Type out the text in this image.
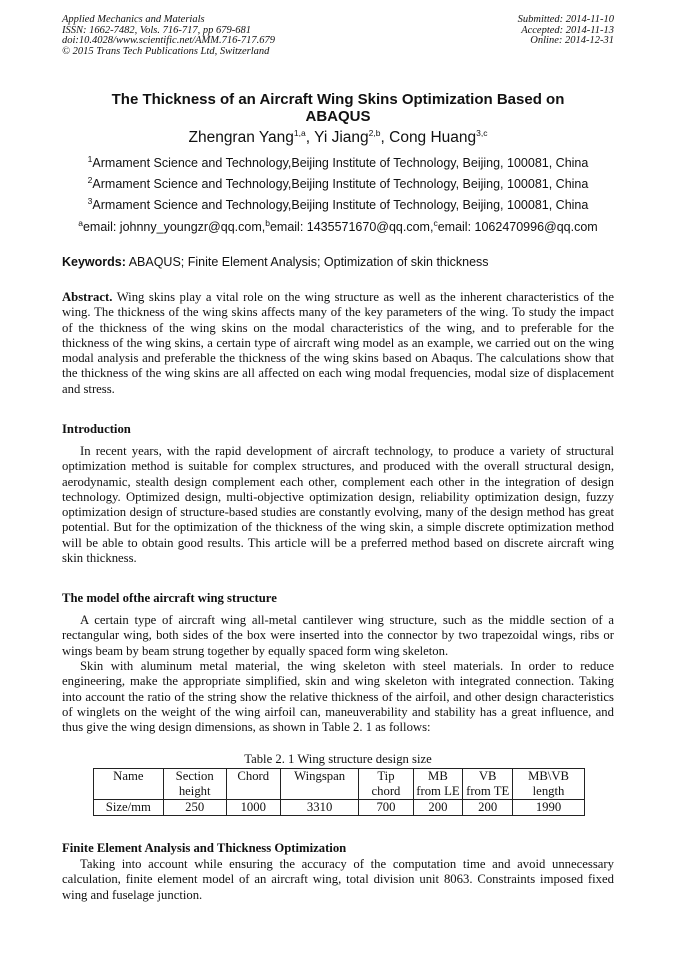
Applied Mechanics and Materials
ISSN: 1662-7482, Vols. 716-717, pp 679-681
doi:10.4028/www.scientific.net/AMM.716-717.679
© 2015 Trans Tech Publications Ltd, Switzerland
Submitted: 2014-11-10
Accepted: 2014-11-13
Online: 2014-12-31
The Thickness of an Aircraft Wing Skins Optimization Based on
ABAQUS
Zhengran Yang$^{1,a}$, Yi Jiang$^{2,b}$, Cong Huang$^{3,c}$
$^1$Armament Science and Technology,Beijing Institute of Technology, Beijing, 100081, China
$^2$Armament Science and Technology,Beijing Institute of Technology, Beijing, 100081, China
$^3$Armament Science and Technology,Beijing Institute of Technology, Beijing, 100081, China
$^a$email: johnny_youngzr@qq.com,$^b$email: 1435571670@qq.com,$^c$email: 1062470996@qq.com
Keywords: ABAQUS; Finite Element Analysis; Optimization of skin thickness
Abstract. Wing skins play a vital role on the wing structure as well as the inherent characteristics of the wing. The thickness of the wing skins affects many of the key parameters of the wing. To study the impact of the thickness of the wing skins on the modal characteristics of the wing, and to preferable for the thickness of the wing skins, a certain type of aircraft wing model as an example, we carried out on the wing modal analysis and preferable the thickness of the wing skins based on Abaqus. The calculations show that the thickness of the wing skins are all affected on each wing modal frequencies, modal size of displacement and stress.
Introduction
In recent years, with the rapid development of aircraft technology, to produce a variety of structural optimization method is suitable for complex structures, and produced with the overall structural design, aerodynamic, stealth design complement each other, complement each other in the integration of design technology. Optimized design, multi-objective optimization design, reliability optimization design, fuzzy optimization design of structure-based studies are constantly evolving, many of the design method has great potential. But for the optimization of the thickness of the wing skin, a simple discrete optimization method will be able to obtain good results. This article will be a preferred method based on discrete aircraft wing skin thickness.
The model ofthe aircraft wing structure
A certain type of aircraft wing all-metal cantilever wing structure, such as the middle section of a rectangular wing, both sides of the box were inserted into the connector by two trapezoidal wings, ribs or wings beam by beam strung together by equally spaced form wing skeleton.
Skin with aluminum metal material, the wing skeleton with steel materials. In order to reduce engineering, make the appropriate simplified, skin and wing skeleton with integrated connection. Taking into account the ratio of the string show the relative thickness of the airfoil, and other design characteristics of winglets on the weight of the wing airfoil can, maneuverability and stability has a great influence, and thus give the wing design dimensions, as shown in Table 2. 1 as follows:
Table 2. 1 Wing structure design size
Name	Section height	Chord	Wingspan	Tip chord	MB from LE	VB from TE	MB\VB length
Size/mm	250	1000	3310	700	200	200	1990
Finite Element Analysis and Thickness Optimization
Taking into account while ensuring the accuracy of the computation time and avoid unnecessary calculation, finite element model of an aircraft wing, total division unit 8063. Constraints imposed fixed wing and fuselage junction.
